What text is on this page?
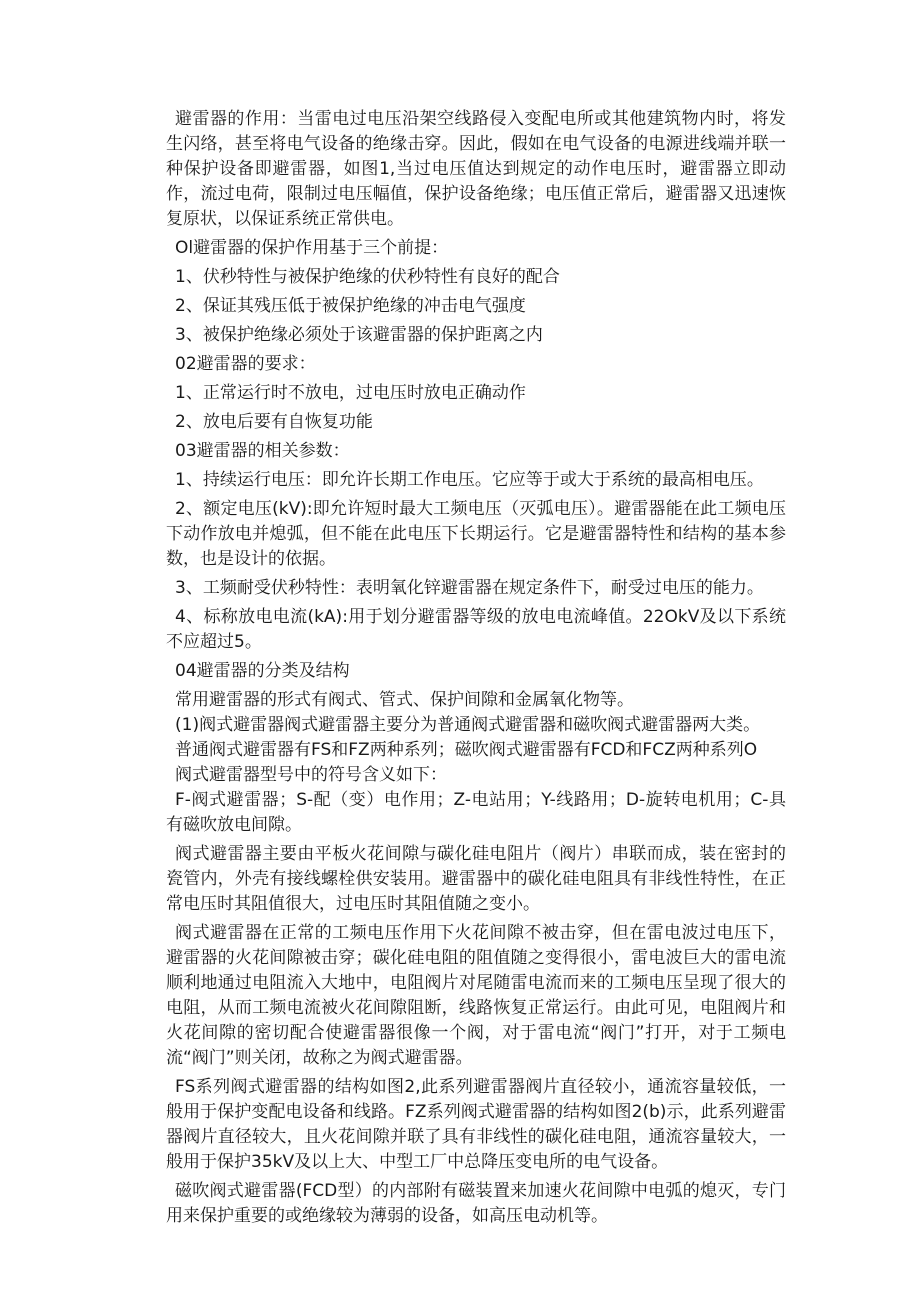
避雷器的作用：当雷电过电压沿架空线路侵入变配电所或其他建筑物内时，将发生闪络，甚至将电气设备的绝缘击穿。因此，假如在电气设备的电源进线端并联一种保护设备即避雷器，如图1,当过电压值达到规定的动作电压时，避雷器立即动作，流过电荷，限制过电压幅值，保护设备绝缘；电压值正常后，避雷器又迅速恢复原状，以保证系统正常供电。

Ol避雷器的保护作用基于三个前提：

1、伏秒特性与被保护绝缘的伏秒特性有良好的配合

2、保证其残压低于被保护绝缘的冲击电气强度

3、被保护绝缘必须处于该避雷器的保护距离之内

02避雷器的要求：

1、正常运行时不放电，过电压时放电正确动作

2、放电后要有自恢复功能

03避雷器的相关参数：

1、持续运行电压：即允许长期工作电压。它应等于或大于系统的最高相电压。

2、额定电压(kV):即允许短时最大工频电压（灭弧电压）。避雷器能在此工频电压下动作放电并熄弧，但不能在此电压下长期运行。它是避雷器特性和结构的基本参数，也是设计的依据。

3、工频耐受伏秒特性：表明氧化锌避雷器在规定条件下，耐受过电压的能力。

4、标称放电电流(kA):用于划分避雷器等级的放电电流峰值。22OkV及以下系统不应超过5。

04避雷器的分类及结构

常用避雷器的形式有阀式、管式、保护间隙和金属氧化物等。

(1)阀式避雷器阀式避雷器主要分为普通阀式避雷器和磁吹阀式避雷器两大类。

普通阀式避雷器有FS和FZ两种系列；磁吹阀式避雷器有FCD和FCZ两种系列O

阀式避雷器型号中的符号含义如下：

F-阀式避雷器；S-配（变）电作用；Z-电站用；Y-线路用；D-旋转电机用；C-具有磁吹放电间隙。

阀式避雷器主要由平板火花间隙与碳化硅电阻片（阀片）串联而成，装在密封的瓷管内，外壳有接线螺栓供安装用。避雷器中的碳化硅电阻具有非线性特性，在正常电压时其阻值很大，过电压时其阻值随之变小。

阀式避雷器在正常的工频电压作用下火花间隙不被击穿，但在雷电波过电压下，避雷器的火花间隙被击穿；碳化硅电阻的阻值随之变得很小，雷电波巨大的雷电流顺利地通过电阻流入大地中，电阻阀片对尾随雷电流而来的工频电压呈现了很大的电阻，从而工频电流被火花间隙阻断，线路恢复正常运行。由此可见，电阻阀片和火花间隙的密切配合使避雷器很像一个阀，对于雷电流“阀门”打开，对于工频电流“阀门”则关闭，故称之为阀式避雷器。

FS系列阀式避雷器的结构如图2,此系列避雷器阀片直径较小，通流容量较低，一般用于保护变配电设备和线路。FZ系列阀式避雷器的结构如图2(b)示，此系列避雷器阀片直径较大，且火花间隙并联了具有非线性的碳化硅电阻，通流容量较大，一般用于保护35kV及以上大、中型工厂中总降压变电所的电气设备。

磁吹阀式避雷器(FCD型）的内部附有磁装置来加速火花间隙中电弧的熄灭，专门用来保护重要的或绝缘较为薄弱的设备，如高压电动机等。
